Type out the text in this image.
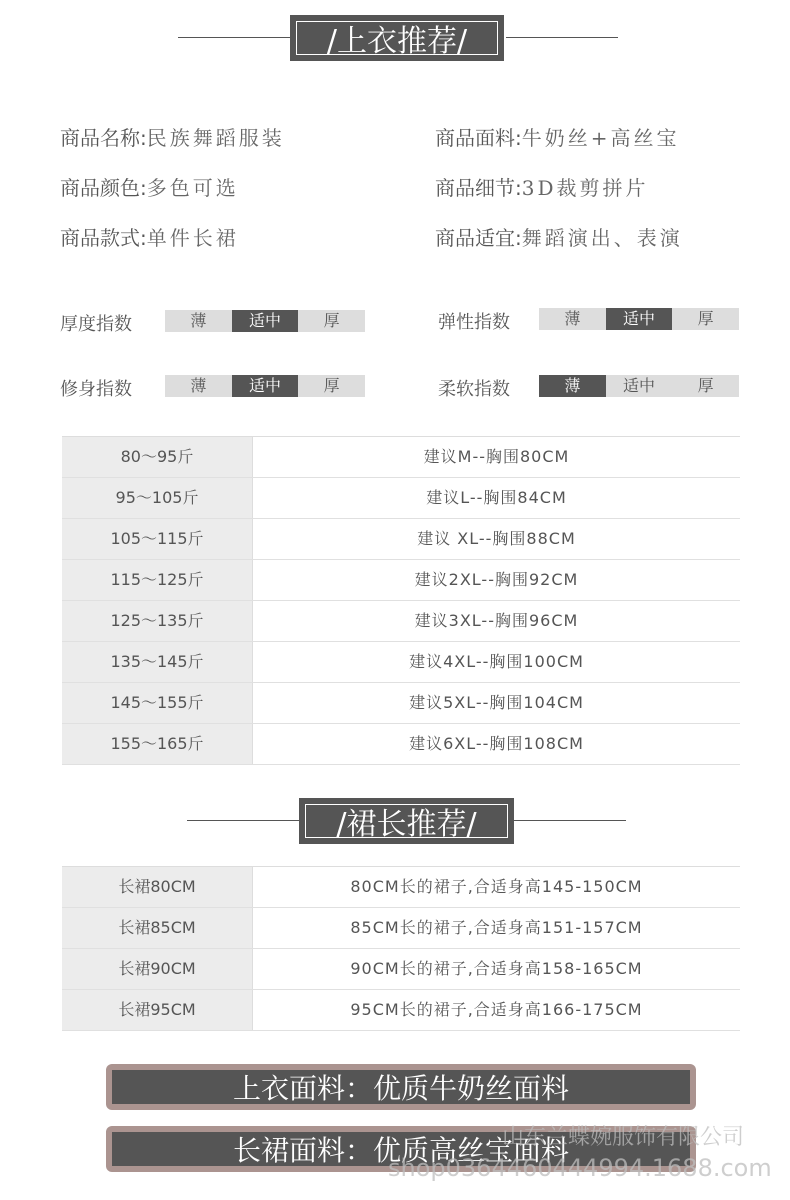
/上衣推荐/
商品名称:民族舞蹈服装	商品面料:牛奶丝+高丝宝
商品颜色:多色可选	商品细节:3D裁剪拼片
商品款式:单件长裙	商品适宜:舞蹈演出、表演
厚度指数	薄	适中	厚	弹性指数	薄	适中	厚
修身指数	薄	适中	厚	柔软指数	薄	适中	厚
80～95斤	建议M--胸围80CM
95～105斤	建议L--胸围84CM
105～115斤	建议 XL--胸围88CM
115～125斤	建议2XL--胸围92CM
125～135斤	建议3XL--胸围96CM
135～145斤	建议4XL--胸围100CM
145～155斤	建议5XL--胸围104CM
155～165斤	建议6XL--胸围108CM
/裙长推荐/
长裙80CM	80CM长的裙子,合适身高145-150CM
长裙85CM	85CM长的裙子,合适身高151-157CM
长裙90CM	90CM长的裙子,合适身高158-165CM
长裙95CM	95CM长的裙子,合适身高166-175CM
上衣面料：优质牛奶丝面料
长裙面料：优质高丝宝面料
山东兰蝶婉服饰有限公司
shop0364460444994.1688.com
